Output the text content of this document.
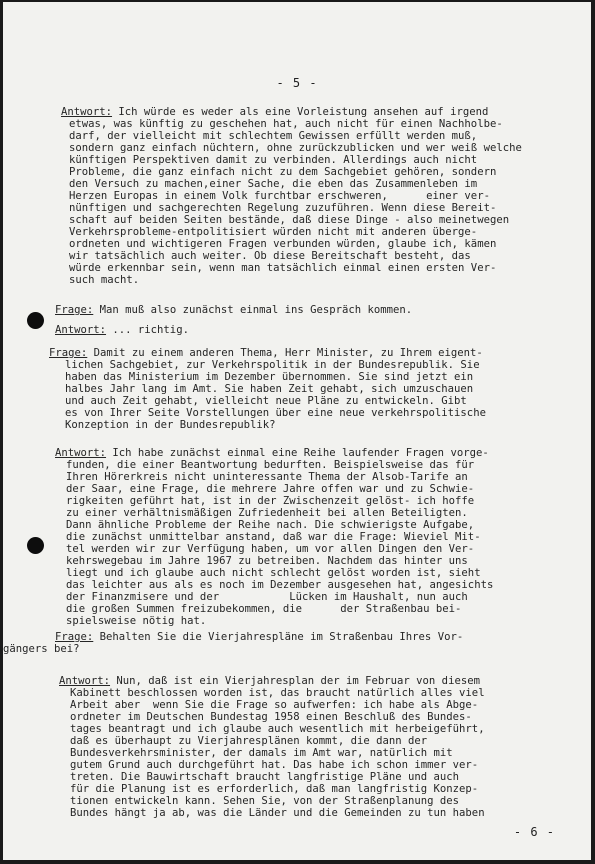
- 5 -
Antwort: Ich würde es weder als eine Vorleistung ansehen auf irgend
etwas, was künftig zu geschehen hat, auch nicht für einen Nachholbe-
darf, der vielleicht mit schlechtem Gewissen erfüllt werden muß,
sondern ganz einfach nüchtern, ohne zurückzublicken und wer weiß welche
künftigen Perspektiven damit zu verbinden. Allerdings auch nicht
Probleme, die ganz einfach nicht zu dem Sachgebiet gehören, sondern
den Versuch zu machen,einer Sache, die eben das Zusammenleben im
Herzen Europas in einem Volk furchtbar erschweren,      einer ver-
nünftigen und sachgerechten Regelung zuzuführen. Wenn diese Bereit-
schaft auf beiden Seiten bestände, daß diese Dinge - also meinetwegen
Verkehrsprobleme-entpolitisiert würden nicht mit anderen überge-
ordneten und wichtigeren Fragen verbunden würden, glaube ich, kämen
wir tatsächlich auch weiter. Ob diese Bereitschaft besteht, das
würde erkennbar sein, wenn man tatsächlich einmal einen ersten Ver-
such macht.
Frage: Man muß also zunächst einmal ins Gespräch kommen.
Antwort: ... richtig.
Frage: Damit zu einem anderen Thema, Herr Minister, zu Ihrem eigent-
lichen Sachgebiet, zur Verkehrspolitik in der Bundesrepublik. Sie
haben das Ministerium im Dezember übernommen. Sie sind jetzt ein
halbes Jahr lang im Amt. Sie haben Zeit gehabt, sich umzuschauen
und auch Zeit gehabt, vielleicht neue Pläne zu entwickeln. Gibt
es von Ihrer Seite Vorstellungen über eine neue verkehrspolitische
Konzeption in der Bundesrepublik?
Antwort: Ich habe zunächst einmal eine Reihe laufender Fragen vorge-
funden, die einer Beantwortung bedurften. Beispielsweise das für
Ihren Hörerkreis nicht uninteressante Thema der Alsob-Tarife an
der Saar, eine Frage, die mehrere Jahre offen war und zu Schwie-
rigkeiten geführt hat, ist in der Zwischenzeit gelöst- ich hoffe
zu einer verhältnismäßigen Zufriedenheit bei allen Beteiligten.
Dann ähnliche Probleme der Reihe nach. Die schwierigste Aufgabe,
die zunächst unmittelbar anstand, daß war die Frage: Wieviel Mit-
tel werden wir zur Verfügung haben, um vor allen Dingen den Ver-
kehrswegebau im Jahre 1967 zu betreiben. Nachdem das hinter uns
liegt und ich glaube auch nicht schlecht gelöst worden ist, sieht
das leichter aus als es noch im Dezember ausgesehen hat, angesichts
der Finanzmisere und der           Lücken im Haushalt, nun auch
die großen Summen freizubekommen, die      der Straßenbau bei-
spielsweise nötig hat.
Frage: Behalten Sie die Vierjahrespläne im Straßenbau Ihres Vor-
gängers bei?
Antwort: Nun, daß ist ein Vierjahresplan der im Februar von diesem
Kabinett beschlossen worden ist, das braucht natürlich alles viel
Arbeit aber  wenn Sie die Frage so aufwerfen: ich habe als Abge-
ordneter im Deutschen Bundestag 1958 einen Beschluß des Bundes-
tages beantragt und ich glaube auch wesentlich mit herbeigeführt,
daß es überhaupt zu Vierjahresplänen kommt, die dann der
Bundesverkehrsminister, der damals im Amt war, natürlich mit
gutem Grund auch durchgeführt hat. Das habe ich schon immer ver-
treten. Die Bauwirtschaft braucht langfristige Pläne und auch
für die Planung ist es erforderlich, daß man langfristig Konzep-
tionen entwickeln kann. Sehen Sie, von der Straßenplanung des
Bundes hängt ja ab, was die Länder und die Gemeinden zu tun haben
- 6 -
